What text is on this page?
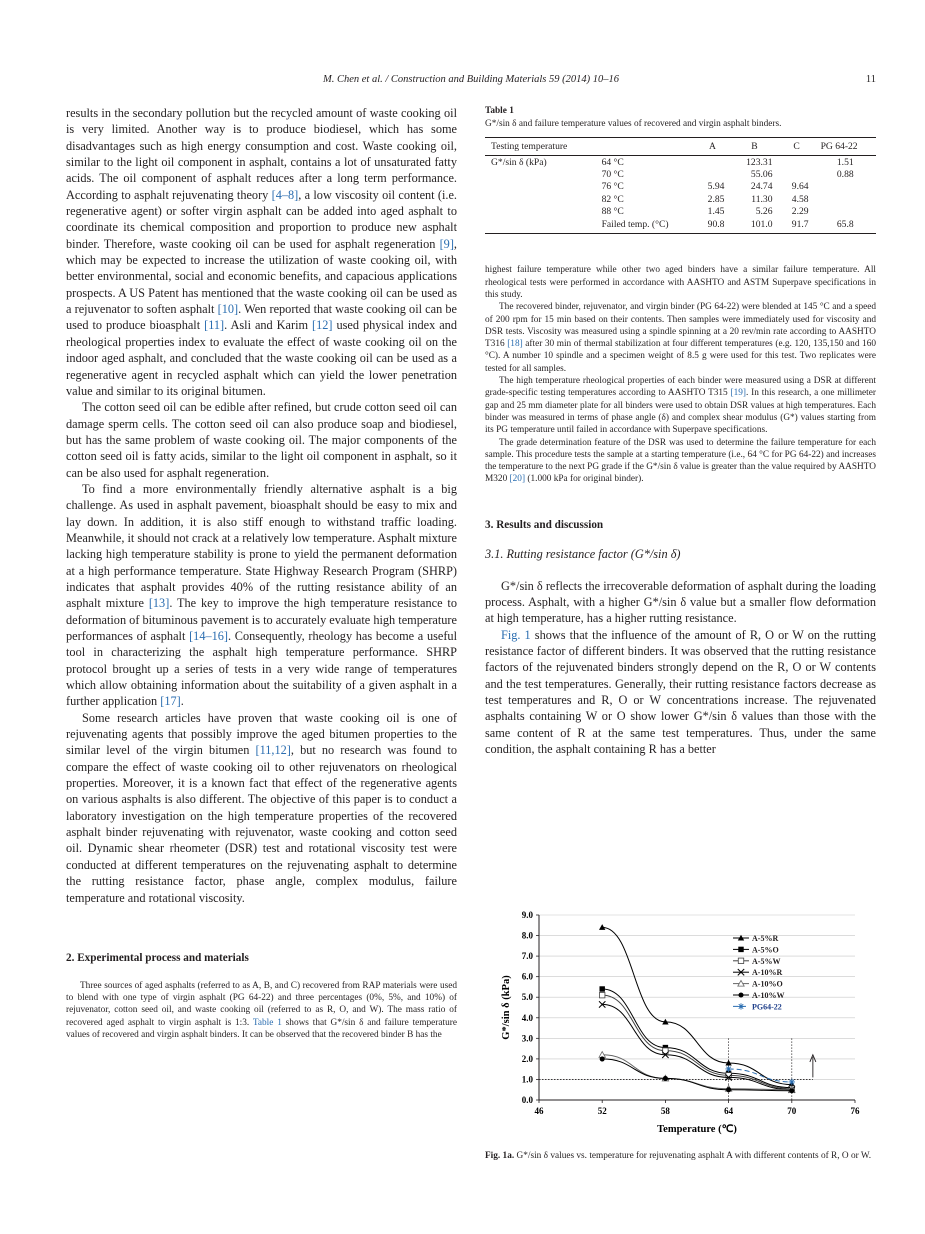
M. Chen et al. / Construction and Building Materials 59 (2014) 10–16	11

results in the secondary pollution but the recycled amount of waste cooking oil is very limited. Another way is to produce biodiesel, which has some disadvantages such as high energy consumption and cost. Waste cooking oil, similar to the light oil component in asphalt, contains a lot of unsaturated fatty acids. The oil component of asphalt reduces after a long term performance. According to asphalt rejuvenating theory [4–8], a low viscosity oil content (i.e. regenerative agent) or softer virgin asphalt can be added into aged asphalt to coordinate its chemical composition and proportion to produce new asphalt binder. Therefore, waste cooking oil can be used for asphalt regeneration [9], which may be expected to increase the utilization of waste cooking oil, with better environmental, social and economic benefits, and capacious applications prospects. A US Patent has mentioned that the waste cooking oil can be used as a rejuvenator to soften asphalt [10]. Wen reported that waste cooking oil can be used to produce bioasphalt [11]. Asli and Karim [12] used physical index and rheological properties index to evaluate the effect of waste cooking oil on the indoor aged asphalt, and concluded that the waste cooking oil can be used as a regenerative agent in recycled asphalt which can yield the lower penetration value and similar to its original bitumen.

The cotton seed oil can be edible after refined, but crude cotton seed oil can damage sperm cells. The cotton seed oil can also produce soap and biodiesel, but has the same problem of waste cooking oil. The major components of the cotton seed oil is fatty acids, similar to the light oil component in asphalt, so it can be also used for asphalt regeneration.

To find a more environmentally friendly alternative asphalt is a big challenge. As used in asphalt pavement, bioasphalt should be easy to mix and lay down. In addition, it is also stiff enough to withstand traffic loading. Meanwhile, it should not crack at a relatively low temperature. Asphalt mixture lacking high temperature stability is prone to yield the permanent deformation at a high performance temperature. State Highway Research Program (SHRP) indicates that asphalt provides 40% of the rutting resistance ability of an asphalt mixture [13]. The key to improve the high temperature resistance to deformation of bituminous pavement is to accurately evaluate high temperature performances of asphalt [14–16]. Consequently, rheology has become a useful tool in characterizing the asphalt high temperature performance. SHRP protocol brought up a series of tests in a very wide range of temperatures which allow obtaining information about the suitability of a given asphalt in a further application [17].

Some research articles have proven that waste cooking oil is one of rejuvenating agents that possibly improve the aged bitumen properties to the similar level of the virgin bitumen [11,12], but no research was found to compare the effect of waste cooking oil to other rejuvenators on rheological properties. Moreover, it is a known fact that effect of the regenerative agents on various asphalts is also different. The objective of this paper is to conduct a laboratory investigation on the high temperature properties of the recovered asphalt binder rejuvenating with rejuvenator, waste cooking and cotton seed oil. Dynamic shear rheometer (DSR) test and rotational viscosity test were conducted at different temperatures on the rejuvenating asphalt to determine the rutting resistance factor, phase angle, complex modulus, failure temperature and rotational viscosity.

2. Experimental process and materials

Three sources of aged asphalts (referred to as A, B, and C) recovered from RAP materials were used to blend with one type of virgin asphalt (PG 64-22) and three percentages (0%, 5%, and 10%) of rejuvenator, cotton seed oil, and waste cooking oil (referred to as R, O, and W). The mass ratio of recovered aged asphalt to virgin asphalt is 1:3. Table 1 shows that G*/sin δ and failure temperature values of recovered and virgin asphalt binders. It can be observed that the recovered binder B has the

Table 1
G*/sin δ and failure temperature values of recovered and virgin asphalt binders.
Testing temperature		A	B	C	PG 64-22
G*/sin δ (kPa)	64 °C		123.31		1.51
	70 °C		55.06		0.88
	76 °C	5.94	24.74	9.64	
	82 °C	2.85	11.30	4.58	
	88 °C	1.45	5.26	2.29	
	Failed temp. (°C)	90.8	101.0	91.7	65.8

highest failure temperature while other two aged binders have a similar failure temperature. All rheological tests were performed in accordance with AASHTO and ASTM Superpave specifications in this study.

The recovered binder, rejuvenator, and virgin binder (PG 64-22) were blended at 145 °C and a speed of 200 rpm for 15 min based on their contents. Then samples were immediately used for viscosity and DSR tests. Viscosity was measured using a spindle spinning at a 20 rev/min rate according to AASHTO T316 [18] after 30 min of thermal stabilization at four different temperatures (e.g. 120, 135,150 and 160 °C). A number 10 spindle and a specimen weight of 8.5 g were used for this test. Two replicates were tested for all samples.

The high temperature rheological properties of each binder were measured using a DSR at different grade-specific testing temperatures according to AASHTO T315 [19]. In this research, a one millimeter gap and 25 mm diameter plate for all binders were used to obtain DSR values at high temperatures. Each binder was measured in terms of phase angle (δ) and complex shear modulus (G*) values starting from its PG temperature until failed in accordance with Superpave specifications.

The grade determination feature of the DSR was used to determine the failure temperature for each sample. This procedure tests the sample at a starting temperature (i.e., 64 °C for PG 64-22) and increases the temperature to the next PG grade if the G*/sin δ value is greater than the value required by AASHTO M320 [20] (1.000 kPa for original binder).

3. Results and discussion
3.1. Rutting resistance factor (G*/sin δ)

G*/sin δ reflects the irrecoverable deformation of asphalt during the loading process. Asphalt, with a higher G*/sin δ value but a smaller flow deformation at high temperature, has a higher rutting resistance.

Fig. 1 shows that the influence of the amount of R, O or W on the rutting resistance factor of different binders. It was observed that the rutting resistance factors of the rejuvenated binders strongly depend on the R, O or W contents and the test temperatures. Generally, their rutting resistance factors decrease as test temperatures and R, O or W concentrations increase. The rejuvenated asphalts containing W or O show lower G*/sin δ values than those with the same content of R at the same test temperatures. Thus, under the same condition, the asphalt containing R has a better

0.0
1.0
2.0
3.0
4.0
5.0
6.0
7.0
8.0
9.0
46	52	58	64	70	76
Temperature (℃)
G*/sin δ (kPa)
A-5%R
A-5%O
A-5%W
A-10%R
A-10%O
A-10%W
PG64-22
Fig. 1a. G*/sin δ values vs. temperature for rejuvenating asphalt A with different contents of R, O or W.
